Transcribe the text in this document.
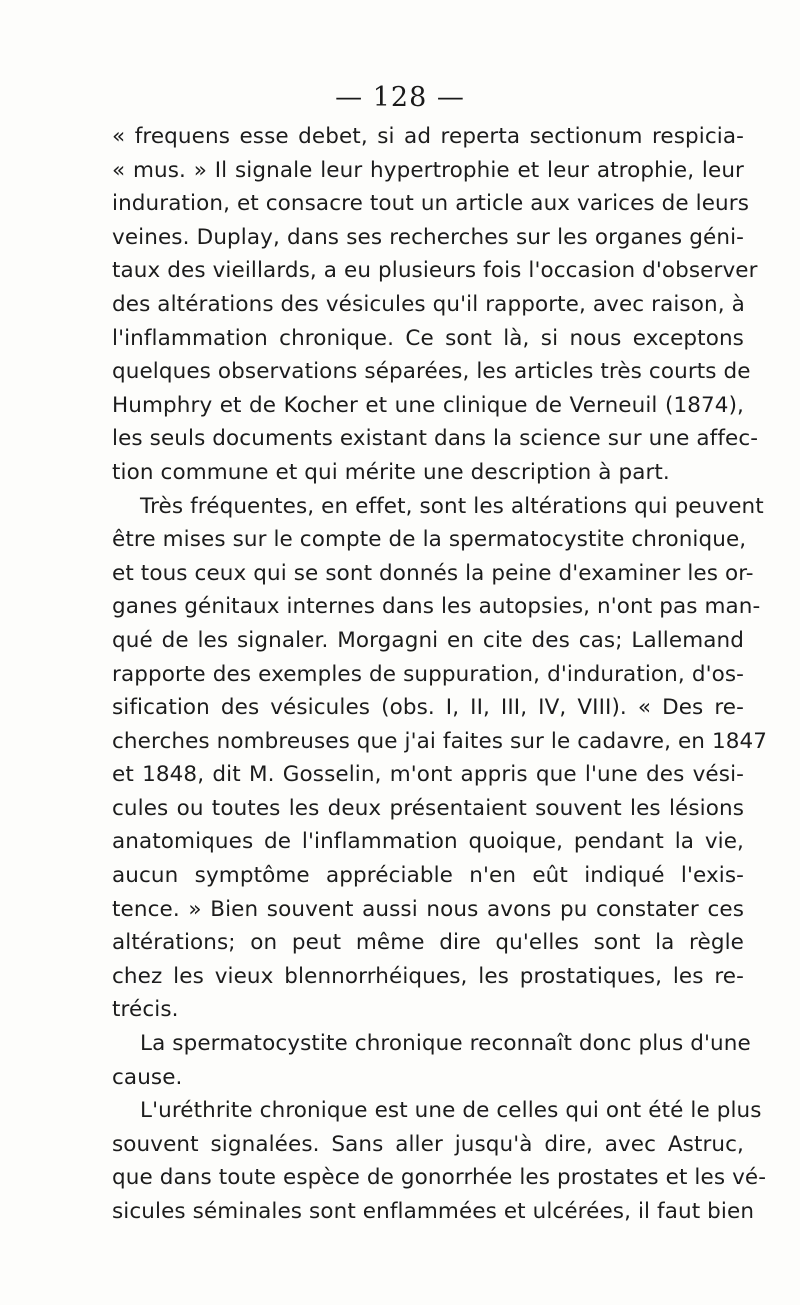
— 128 —
« frequens esse debet, si ad reperta sectionum respicia-
« mus. » Il signale leur hypertrophie et leur atrophie, leur
induration, et consacre tout un article aux varices de leurs
veines. Duplay, dans ses recherches sur les organes géni-
taux des vieillards, a eu plusieurs fois l'occasion d'observer
des altérations des vésicules qu'il rapporte, avec raison, à
l'inflammation chronique. Ce sont là, si nous exceptons
quelques observations séparées, les articles très courts de
Humphry et de Kocher et une clinique de Verneuil (1874),
les seuls documents existant dans la science sur une affec-
tion commune et qui mérite une description à part.
Très fréquentes, en effet, sont les altérations qui peuvent
être mises sur le compte de la spermatocystite chronique,
et tous ceux qui se sont donnés la peine d'examiner les or-
ganes génitaux internes dans les autopsies, n'ont pas man-
qué de les signaler. Morgagni en cite des cas; Lallemand
rapporte des exemples de suppuration, d'induration, d'os-
sification des vésicules (obs. I, II, III, IV, VIII). « Des re-
cherches nombreuses que j'ai faites sur le cadavre, en 1847
et 1848, dit M. Gosselin, m'ont appris que l'une des vési-
cules ou toutes les deux présentaient souvent les lésions
anatomiques de l'inflammation quoique, pendant la vie,
aucun symptôme appréciable n'en eût indiqué l'exis-
tence. » Bien souvent aussi nous avons pu constater ces
altérations; on peut même dire qu'elles sont la règle
chez les vieux blennorrhéiques, les prostatiques, les re-
trécis.
La spermatocystite chronique reconnaît donc plus d'une
cause.
L'uréthrite chronique est une de celles qui ont été le plus
souvent signalées. Sans aller jusqu'à dire, avec Astruc,
que dans toute espèce de gonorrhée les prostates et les vé-
sicules séminales sont enflammées et ulcérées, il faut bien
